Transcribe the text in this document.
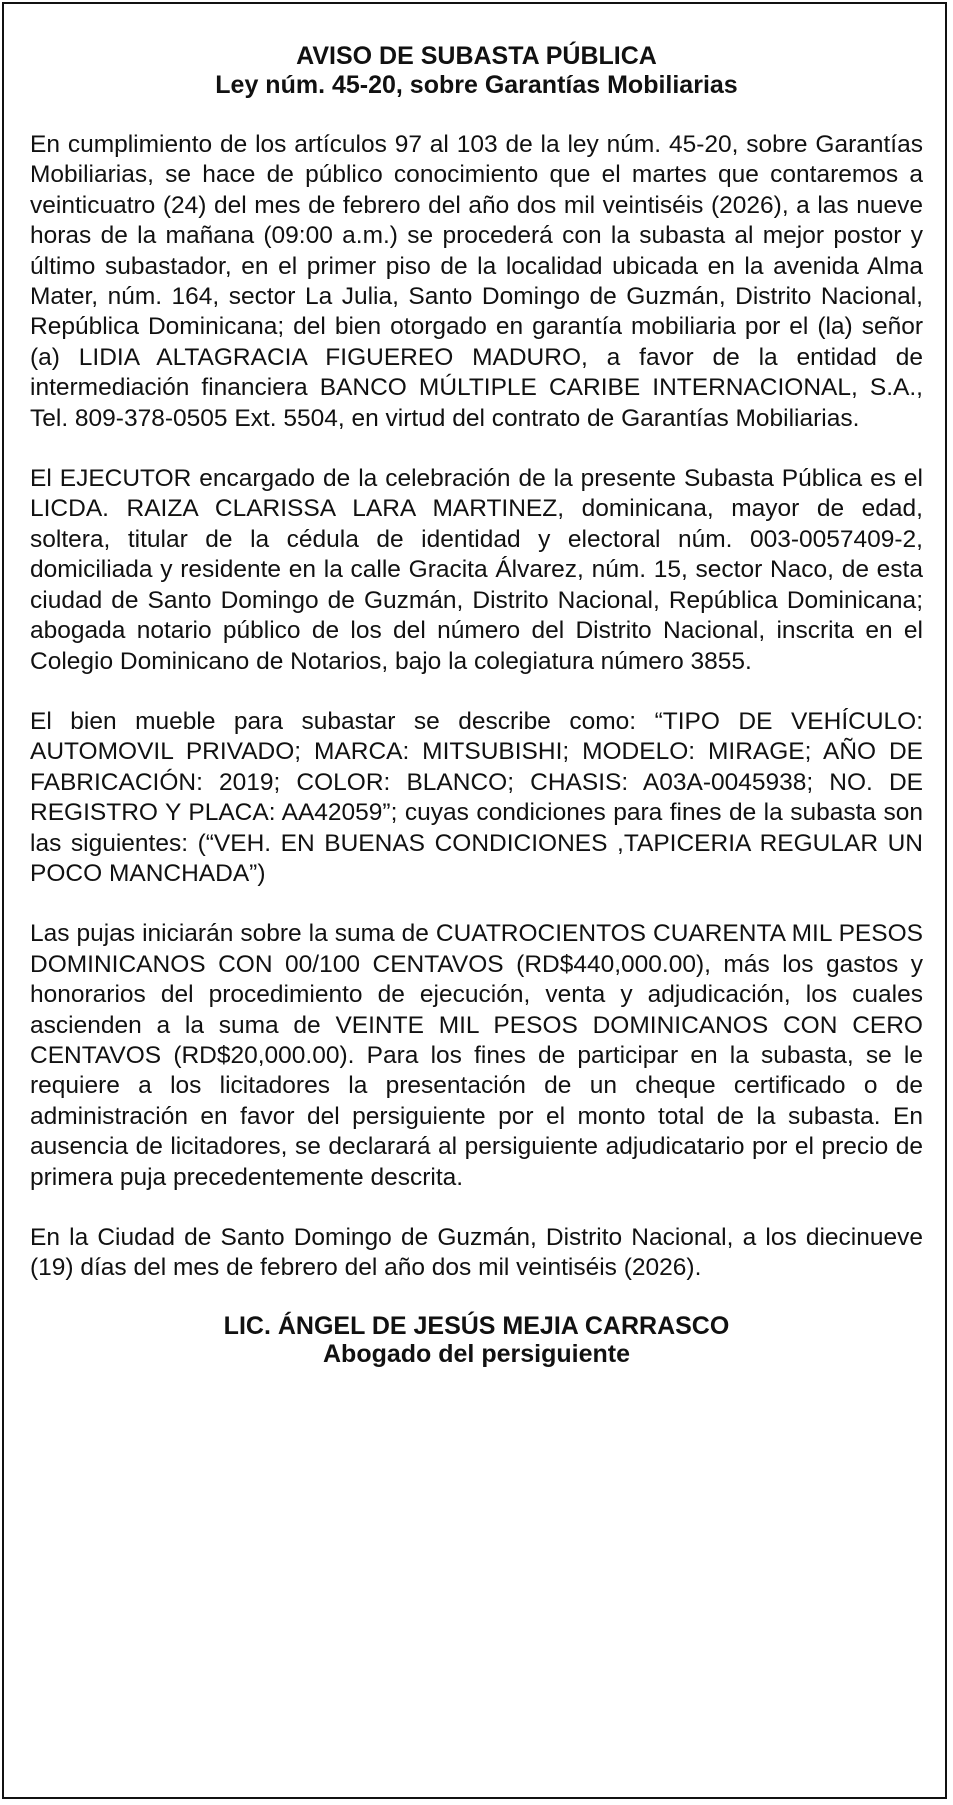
AVISO DE SUBASTA PÚBLICA

Ley núm. 45-20, sobre Garantías Mobiliarias

En cumplimiento de los artículos 97 al 103 de la ley núm. 45-20, sobre Garantías Mobiliarias, se hace de público conocimiento que el martes que contaremos a veinticuatro (24) del mes de febrero del año dos mil veintiséis (2026), a las nueve horas de la mañana (09:00 a.m.) se procederá con la subasta al mejor postor y último subastador, en el primer piso de la localidad ubicada en la avenida Alma Mater, núm. 164, sector La Julia, Santo Domingo de Guzmán, Distrito Nacional, República Dominicana; del bien otorgado en garantía mobiliaria por el (la) señor (a) LIDIA ALTAGRACIA FIGUEREO MADURO, a favor de la entidad de intermediación financiera BANCO MÚLTIPLE CARIBE INTERNACIONAL, S.A., Tel. 809-378-0505 Ext. 5504, en virtud del contrato de Garantías Mobiliarias.

El EJECUTOR encargado de la celebración de la presente Subasta Pública es el LICDA. RAIZA CLARISSA LARA MARTINEZ, dominicana, mayor de edad, soltera, titular de la cédula de identidad y electoral núm. 003-0057409-2, domiciliada y residente en la calle Gracita Álvarez, núm. 15, sector Naco, de esta ciudad de Santo Domingo de Guzmán, Distrito Nacional, República Dominicana; abogada notario público de los del número del Distrito Nacional, inscrita en el Colegio Dominicano de Notarios, bajo la colegiatura número 3855.

El bien mueble para subastar se describe como: “TIPO DE VEHÍCULO: AUTOMOVIL PRIVADO; MARCA: MITSUBISHI; MODELO: MIRAGE; AÑO DE FABRICACIÓN: 2019; COLOR: BLANCO; CHASIS: A03A-0045938; NO. DE REGISTRO Y PLACA: AA42059”; cuyas condiciones para fines de la subasta son las siguientes: (“VEH. EN BUENAS CONDICIONES ,TAPICERIA REGULAR UN POCO MANCHADA”)

Las pujas iniciarán sobre la suma de CUATROCIENTOS CUARENTA MIL PESOS DOMINICANOS CON 00/100 CENTAVOS (RD$440,000.00), más los gastos y honorarios del procedimiento de ejecución, venta y adjudicación, los cuales ascienden a la suma de VEINTE MIL PESOS DOMINICANOS CON CERO CENTAVOS (RD$20,000.00). Para los fines de participar en la subasta, se le requiere a los licitadores la presentación de un cheque certificado o de administración en favor del persiguiente por el monto total de la subasta. En ausencia de licitadores, se declarará al persiguiente adjudicatario por el precio de primera puja precedentemente descrita.

En la Ciudad de Santo Domingo de Guzmán, Distrito Nacional, a los diecinueve (19) días del mes de febrero del año dos mil veintiséis (2026).

LIC. ÁNGEL DE JESÚS MEJIA CARRASCO

Abogado del persiguiente
